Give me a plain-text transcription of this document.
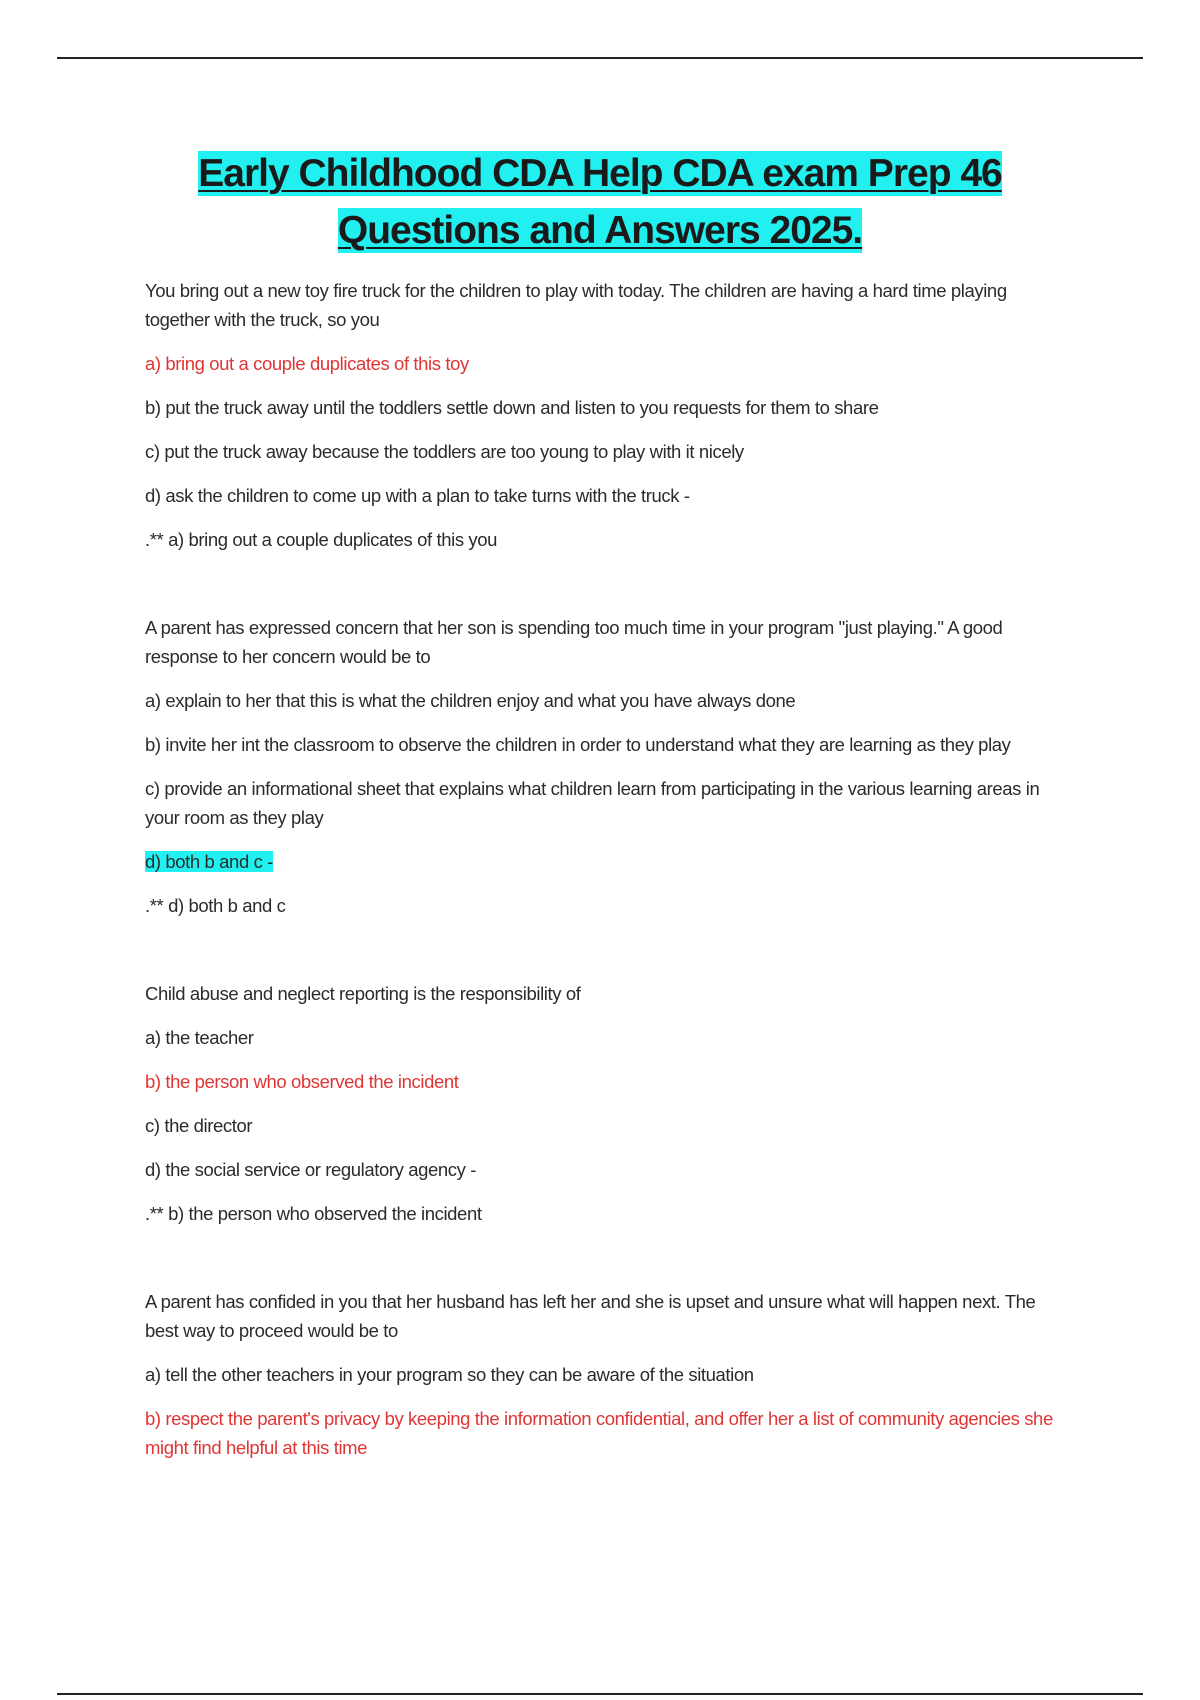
Early Childhood CDA Help CDA exam Prep 46
Questions and Answers 2025.

You bring out a new toy fire truck for the children to play with today. The children are having a hard time playing together with the truck, so you

a) bring out a couple duplicates of this toy

b) put the truck away until the toddlers settle down and listen to you requests for them to share

c) put the truck away because the toddlers are too young to play with it nicely

d) ask the children to come up with a plan to take turns with the truck -

.** a) bring out a couple duplicates of this you

A parent has expressed concern that her son is spending too much time in your program "just playing." A good response to her concern would be to

a) explain to her that this is what the children enjoy and what you have always done

b) invite her int the classroom to observe the children in order to understand what they are learning as they play

c) provide an informational sheet that explains what children learn from participating in the various learning areas in your room as they play

d) both b and c -

.** d) both b and c

Child abuse and neglect reporting is the responsibility of

a) the teacher

b) the person who observed the incident

c) the director

d) the social service or regulatory agency -

.** b) the person who observed the incident

A parent has confided in you that her husband has left her and she is upset and unsure what will happen next. The best way to proceed would be to

a) tell the other teachers in your program so they can be aware of the situation

b) respect the parent's privacy by keeping the information confidential, and offer her a list of community agencies she might find helpful at this time
